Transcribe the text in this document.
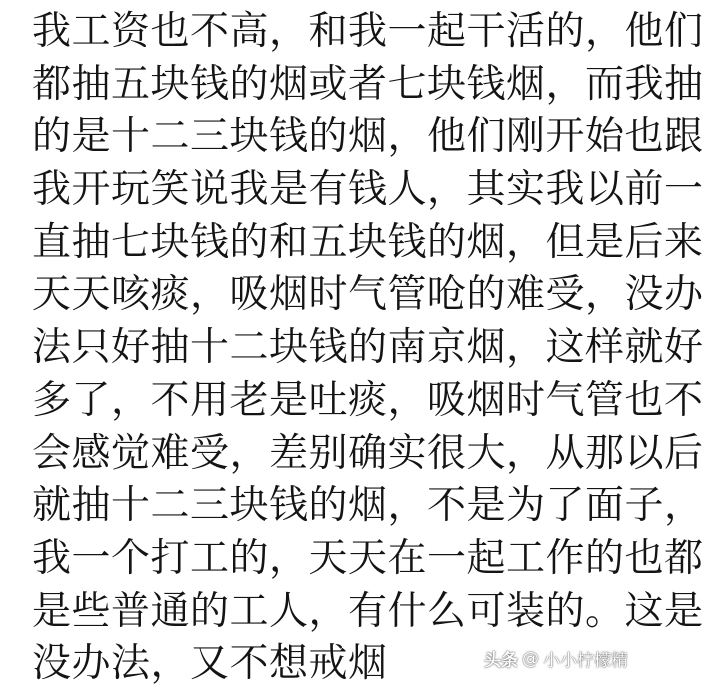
我工资也不高，和我一起干活的，他们
都抽五块钱的烟或者七块钱烟，而我抽
的是十二三块钱的烟，他们刚开始也跟
我开玩笑说我是有钱人，其实我以前一
直抽七块钱的和五块钱的烟，但是后来
天天咳痰，吸烟时气管呛的难受，没办
法只好抽十二块钱的南京烟，这样就好
多了，不用老是吐痰，吸烟时气管也不
会感觉难受，差别确实很大，从那以后
就抽十二三块钱的烟，不是为了面子，
我一个打工的，天天在一起工作的也都
是些普通的工人，有什么可装的。这是
没办法，又不想戒烟	头条 @ 小小柠檬精
